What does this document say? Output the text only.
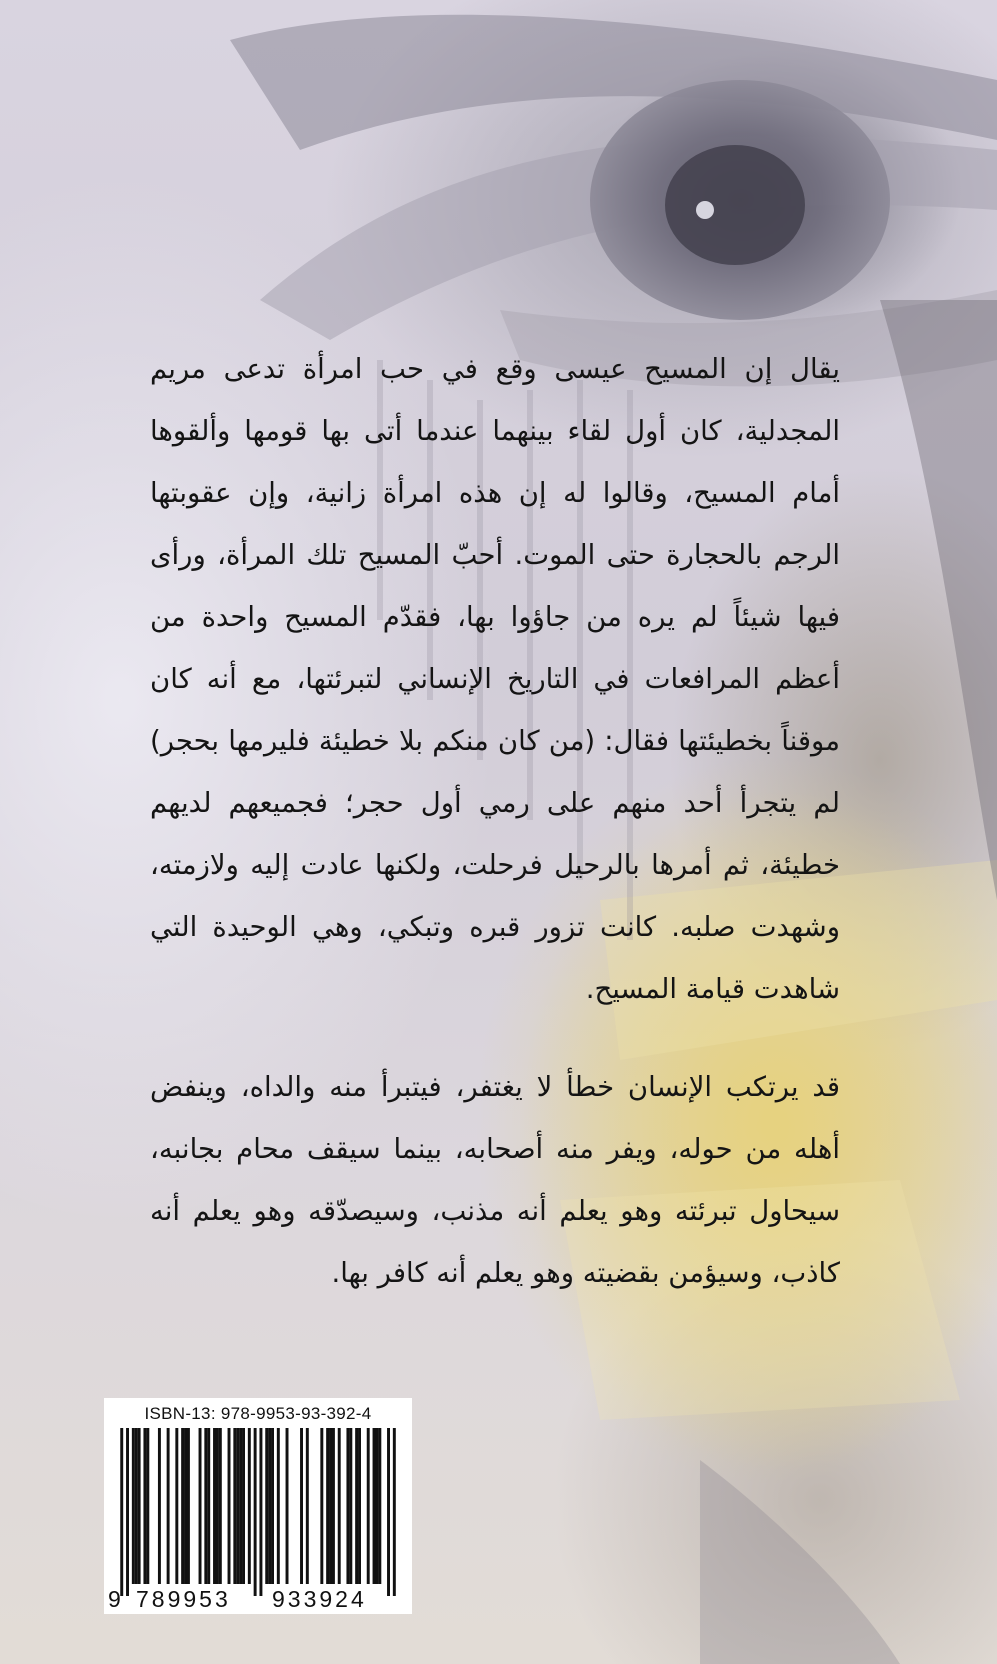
يقال إن المسيح عيسى وقع في حب امرأة تدعى مريم المجدلية، كان أول لقاء بينهما عندما أتى بها قومها وألقوها أمام المسيح، وقالوا له إن هذه امرأة زانية، وإن عقوبتها الرجم بالحجارة حتى الموت. أحبّ المسيح تلك المرأة، ورأى فيها شيئاً لم يره من جاؤوا بها، فقدّم المسيح واحدة من أعظم المرافعات في التاريخ الإنساني لتبرئتها، مع أنه كان موقناً بخطيئتها فقال: (من كان منكم بلا خطيئة فليرمها بحجر) لم يتجرأ أحد منهم على رمي أول حجر؛ فجميعهم لديهم خطيئة، ثم أمرها بالرحيل فرحلت، ولكنها عادت إليه ولازمته، وشهدت صلبه. كانت تزور قبره وتبكي، وهي الوحيدة التي شاهدت قيامة المسيح.

قد يرتكب الإنسان خطأ لا يغتفر، فيتبرأ منه والداه، وينفض أهله من حوله، ويفر منه أصحابه، بينما سيقف محام بجانبه، سيحاول تبرئته وهو يعلم أنه مذنب، وسيصدّقه وهو يعلم أنه كاذب، وسيؤمن بقضيته وهو يعلم أنه كافر بها.

ISBN-13: 978-9953-93-392-4
9 789953 933924
